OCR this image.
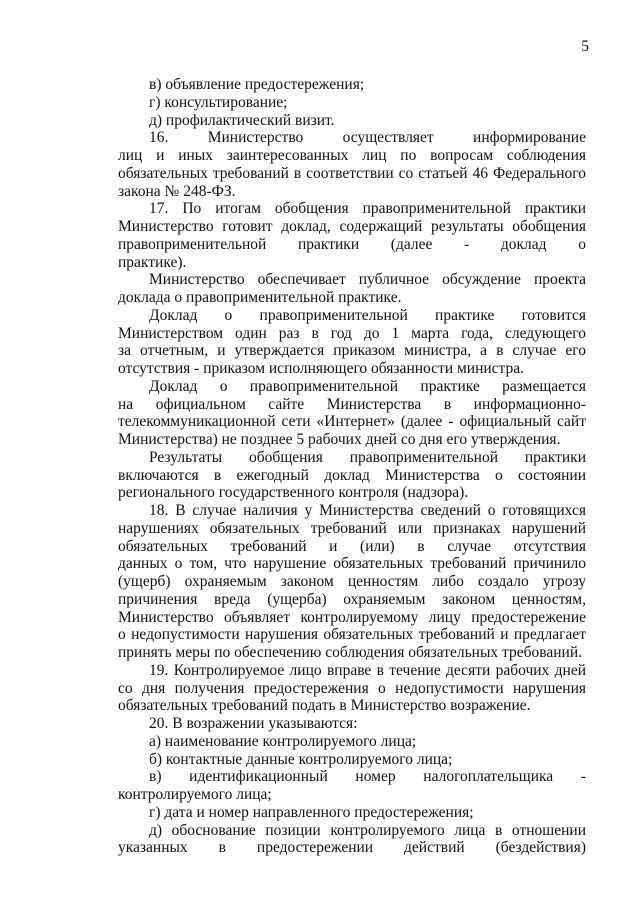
5
в) объявление предостережения;
г) консультирование;
д) профилактический визит.
16. Министерство осуществляет информирование
лиц и иных заинтересованных лиц по вопросам соблюдения
обязательных требований в соответствии со статьей 46 Федерального
закона № 248-ФЗ.
17. По итогам обобщения правоприменительной практики
Министерство готовит доклад, содержащий результаты обобщения
правоприменительной практики (далее - доклад о
практике).
Министерство обеспечивает публичное обсуждение проекта
доклада о правоприменительной практике.
Доклад о правоприменительной практике готовится
Министерством один раз в год до 1 марта года, следующего
за отчетным, и утверждается приказом министра, а в случае его
отсутствия - приказом исполняющего обязанности министра.
Доклад о правоприменительной практике размещается
на официальном сайте Министерства в информационно-
телекоммуникационной сети «Интернет» (далее - официальный сайт
Министерства) не позднее 5 рабочих дней со дня его утверждения.
Результаты обобщения правоприменительной практики
включаются в ежегодный доклад Министерства о состоянии
регионального государственного контроля (надзора).
18. В случае наличия у Министерства сведений о готовящихся
нарушениях обязательных требований или признаках нарушений
обязательных требований и (или) в случае отсутствия
данных о том, что нарушение обязательных требований причинило
(ущерб) охраняемым законом ценностям либо создало угрозу
причинения вреда (ущерба) охраняемым законом ценностям,
Министерство объявляет контролируемому лицу предостережение
о недопустимости нарушения обязательных требований и предлагает
принять меры по обеспечению соблюдения обязательных требований.
19. Контролируемое лицо вправе в течение десяти рабочих дней
со дня получения предостережения о недопустимости нарушения
обязательных требований подать в Министерство возражение.
20. В возражении указываются:
а) наименование контролируемого лица;
б) контактные данные контролируемого лица;
в) идентификационный номер налогоплательщика -
контролируемого лица;
г) дата и номер направленного предостережения;
д) обоснование позиции контролируемого лица в отношении
указанных в предостережении действий (бездействия)
